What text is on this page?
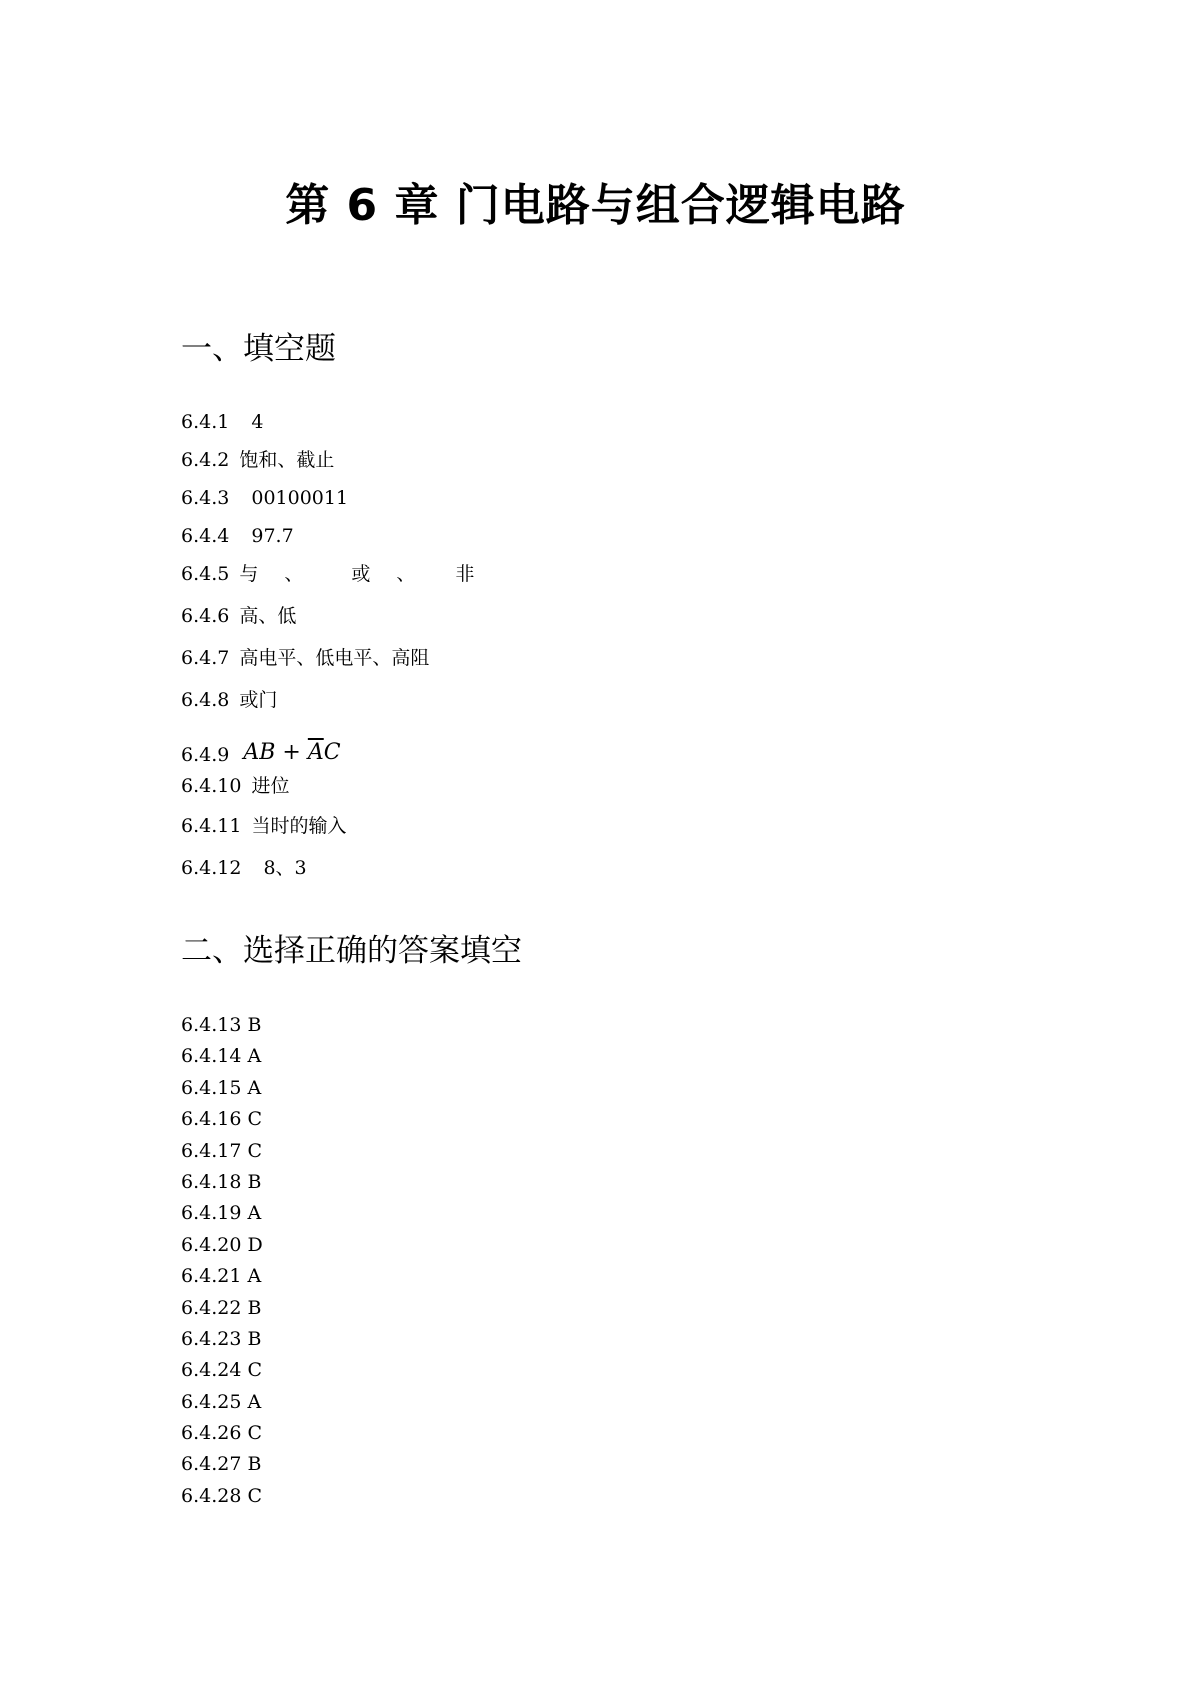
第 6 章 门电路与组合逻辑电路
一、填空题
6.4.1 4
6.4.2 饱和、截止
6.4.3 00100011
6.4.4 97.7
6.4.5 与 、	或 、 非
6.4.6 高、低
6.4.7 高电平、低电平、高阻
6.4.8 或门
6.4.9 AB + $\overline{A}C$
6.4.10 进位
6.4.11 当时的输入
6.4.12 8、3
二、选择正确的答案填空
6.4.13 B
6.4.14 A
6.4.15 A
6.4.16 C
6.4.17 C
6.4.18 B
6.4.19 A
6.4.20 D
6.4.21 A
6.4.22 B
6.4.23 B
6.4.24 C
6.4.25 A
6.4.26 C
6.4.27 B
6.4.28 C
